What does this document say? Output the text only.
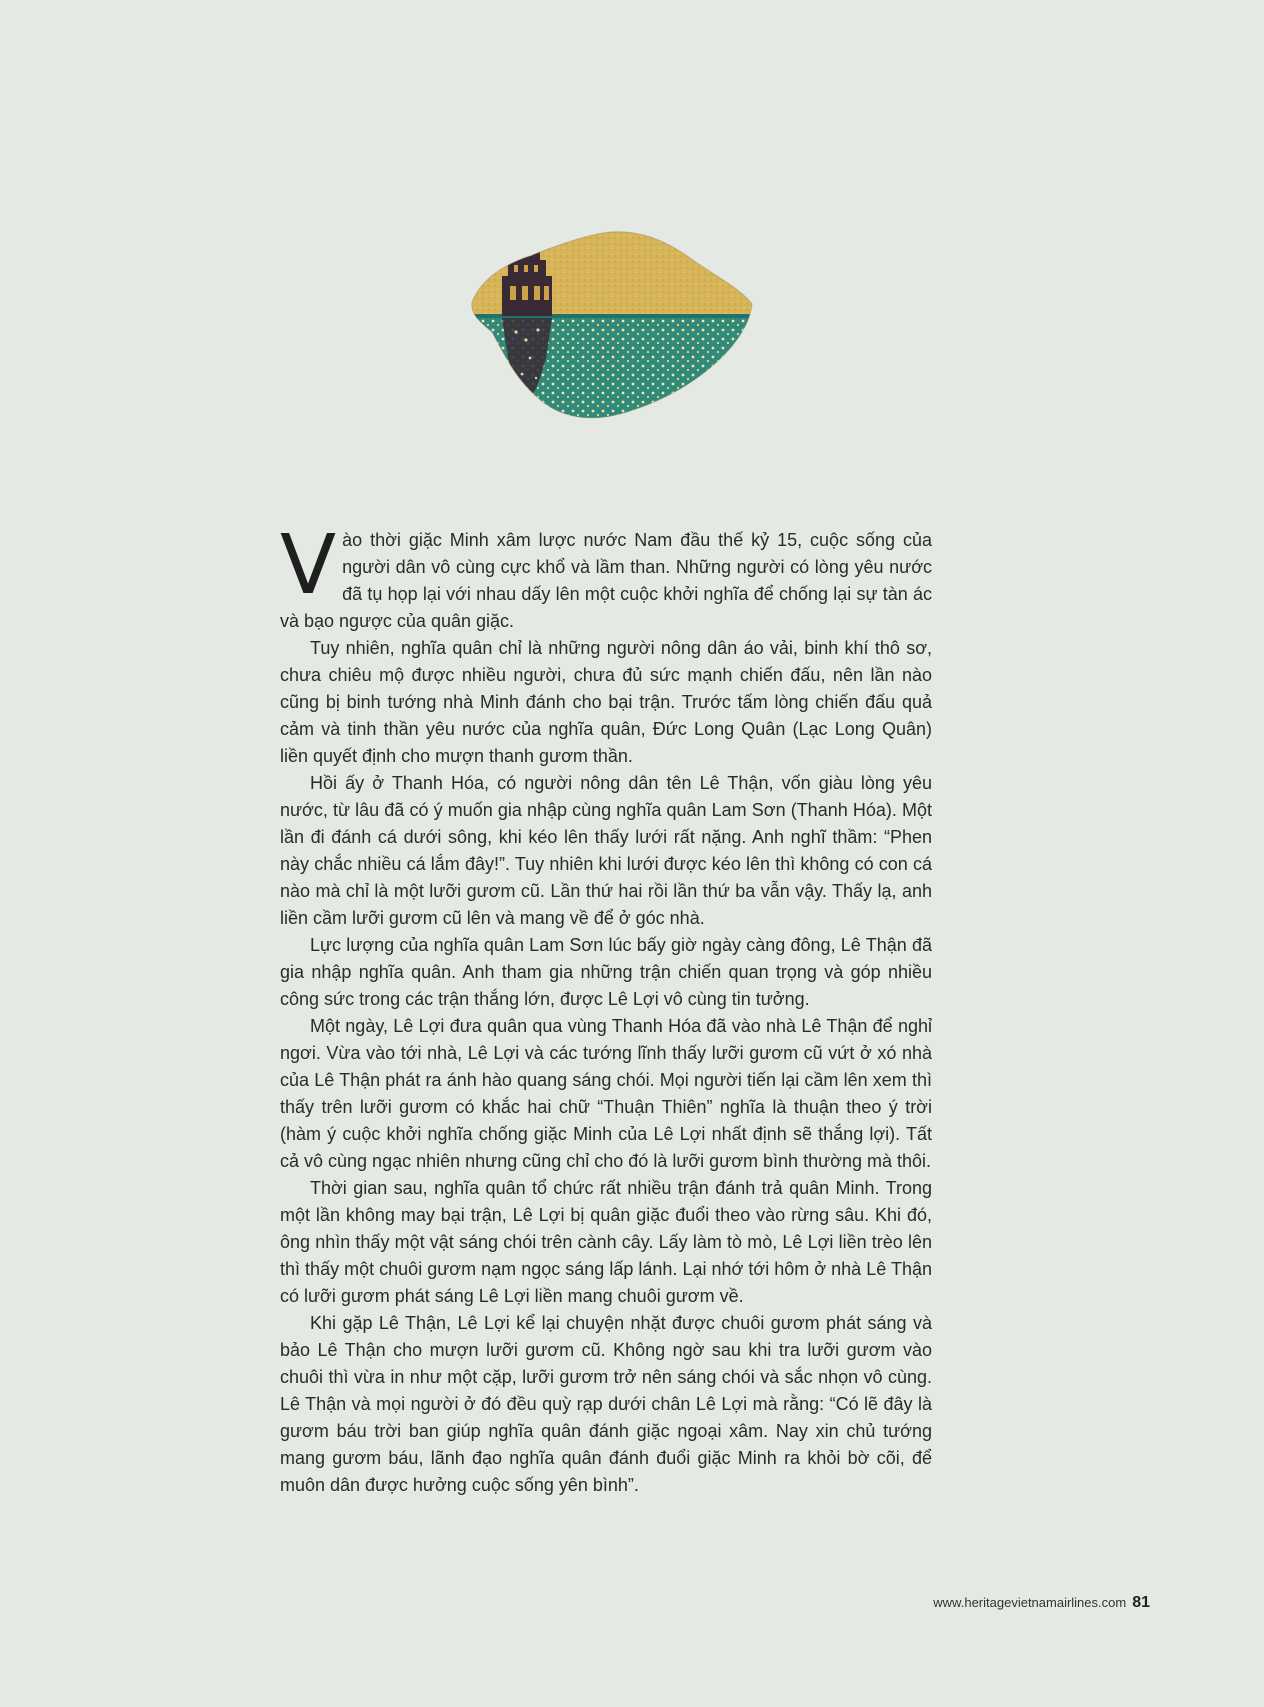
Vào thời giặc Minh xâm lược nước Nam đầu thế kỷ 15, cuộc sống của người dân vô cùng cực khổ và lầm than. Những người có lòng yêu nước đã tụ họp lại với nhau dấy lên một cuộc khởi nghĩa để chống lại sự tàn ác và bạo ngược của quân giặc.

Tuy nhiên, nghĩa quân chỉ là những người nông dân áo vải, binh khí thô sơ, chưa chiêu mộ được nhiều người, chưa đủ sức mạnh chiến đấu, nên lần nào cũng bị binh tướng nhà Minh đánh cho bại trận. Trước tấm lòng chiến đấu quả cảm và tinh thần yêu nước của nghĩa quân, Đức Long Quân (Lạc Long Quân) liền quyết định cho mượn thanh gươm thần.

Hồi ấy ở Thanh Hóa, có người nông dân tên Lê Thận, vốn giàu lòng yêu nước, từ lâu đã có ý muốn gia nhập cùng nghĩa quân Lam Sơn (Thanh Hóa). Một lần đi đánh cá dưới sông, khi kéo lên thấy lưới rất nặng. Anh nghĩ thầm: “Phen này chắc nhiều cá lắm đây!”. Tuy nhiên khi lưới được kéo lên thì không có con cá nào mà chỉ là một lưỡi gươm cũ. Lần thứ hai rồi lần thứ ba vẫn vậy. Thấy lạ, anh liền cầm lưỡi gươm cũ lên và mang về để ở góc nhà.

Lực lượng của nghĩa quân Lam Sơn lúc bấy giờ ngày càng đông, Lê Thận đã gia nhập nghĩa quân. Anh tham gia những trận chiến quan trọng và góp nhiều công sức trong các trận thắng lớn, được Lê Lợi vô cùng tin tưởng.

Một ngày, Lê Lợi đưa quân qua vùng Thanh Hóa đã vào nhà Lê Thận để nghỉ ngơi. Vừa vào tới nhà, Lê Lợi và các tướng lĩnh thấy lưỡi gươm cũ vứt ở xó nhà của Lê Thận phát ra ánh hào quang sáng chói. Mọi người tiến lại cầm lên xem thì thấy trên lưỡi gươm có khắc hai chữ “Thuận Thiên” nghĩa là thuận theo ý trời (hàm ý cuộc khởi nghĩa chống giặc Minh của Lê Lợi nhất định sẽ thắng lợi). Tất cả vô cùng ngạc nhiên nhưng cũng chỉ cho đó là lưỡi gươm bình thường mà thôi.

Thời gian sau, nghĩa quân tổ chức rất nhiều trận đánh trả quân Minh. Trong một lần không may bại trận, Lê Lợi bị quân giặc đuổi theo vào rừng sâu. Khi đó, ông nhìn thấy một vật sáng chói trên cành cây. Lấy làm tò mò, Lê Lợi liền trèo lên thì thấy một chuôi gươm nạm ngọc sáng lấp lánh. Lại nhớ tới hôm ở nhà Lê Thận có lưỡi gươm phát sáng Lê Lợi liền mang chuôi gươm về.

Khi gặp Lê Thận, Lê Lợi kể lại chuyện nhặt được chuôi gươm phát sáng và bảo Lê Thận cho mượn lưỡi gươm cũ. Không ngờ sau khi tra lưỡi gươm vào chuôi thì vừa in như một cặp, lưỡi gươm trở nên sáng chói và sắc nhọn vô cùng. Lê Thận và mọi người ở đó đều quỳ rạp dưới chân Lê Lợi mà rằng: “Có lẽ đây là gươm báu trời ban giúp nghĩa quân đánh giặc ngoại xâm. Nay xin chủ tướng mang gươm báu, lãnh đạo nghĩa quân đánh đuổi giặc Minh ra khỏi bờ cõi, để muôn dân được hưởng cuộc sống yên bình”.

www.heritagevietnamairlines.com 81
